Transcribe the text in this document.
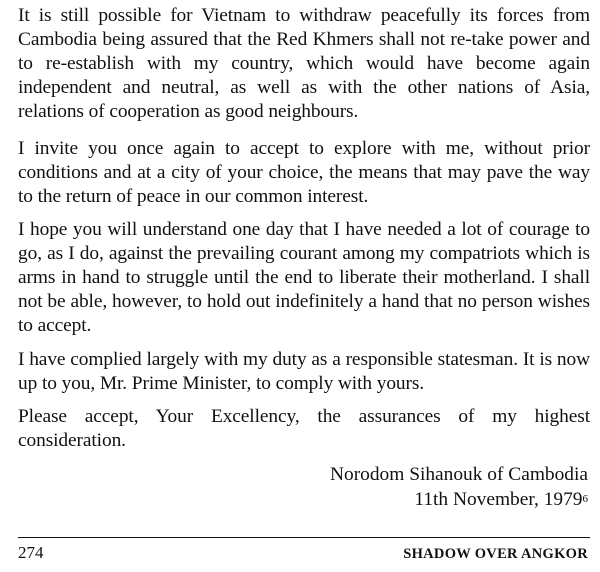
It is still possible for Vietnam to withdraw peacefully its forces from Cambodia being assured that the Red Khmers shall not re-take power and to re-establish with my country, which would have become again independent and neutral, as well as with the other nations of Asia, relations of cooperation as good neighbours.

I invite you once again to accept to explore with me, without prior conditions and at a city of your choice, the means that may pave the way to the return of peace in our common interest.

I hope you will understand one day that I have needed a lot of courage to go, as I do, against the prevailing courant among my compatriots which is arms in hand to struggle until the end to liberate their motherland. I shall not be able, however, to hold out indefinitely a hand that no person wishes to accept.

I have complied largely with my duty as a responsible statesman. It is now up to you, Mr. Prime Minister, to comply with yours.

Please accept, Your Excellency, the assurances of my highest consideration.

Norodom Sihanouk of Cambodia
11th November, 1979$^6$
274	SHADOW OVER ANGKOR
